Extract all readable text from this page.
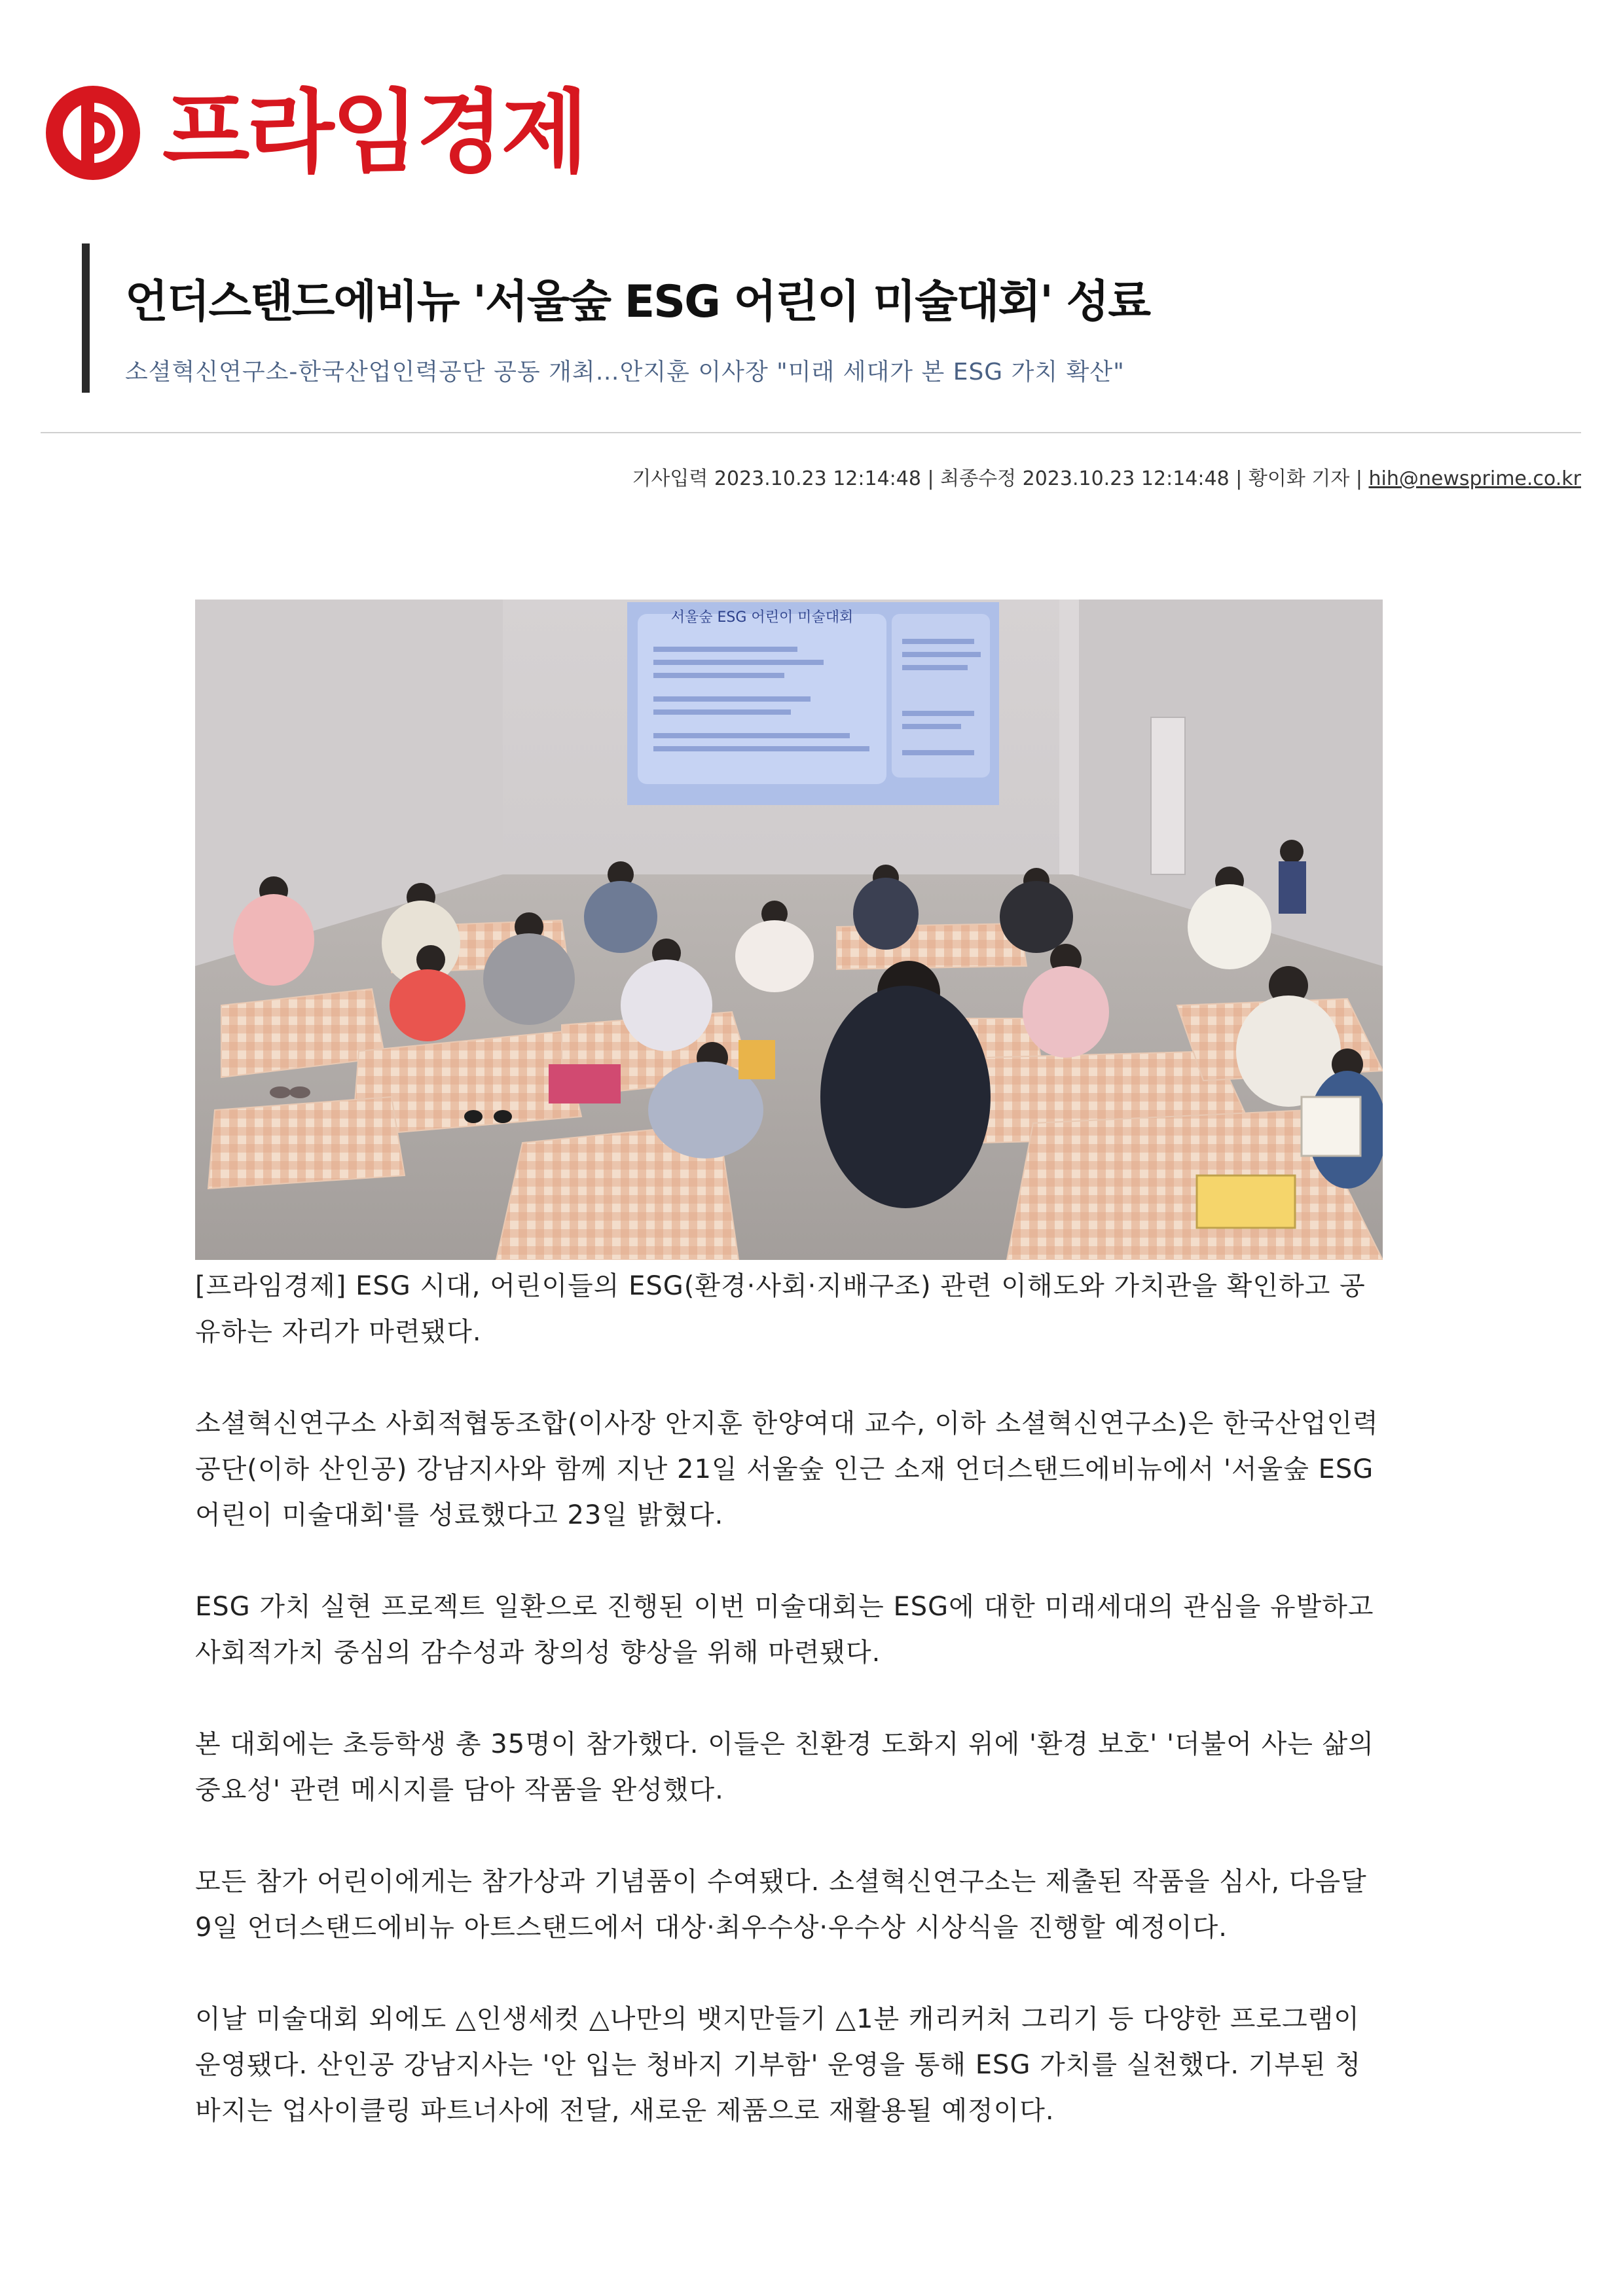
프라임경제
언더스탠드에비뉴 '서울숲 ESG 어린이 미술대회' 성료
소셜혁신연구소-한국산업인력공단 공동 개최…안지훈 이사장 "미래 세대가 본 ESG 가치 확산"
기사입력 2023.10.23 12:14:48 | 최종수정 2023.10.23 12:14:48 | 황이화 기자 | hih@newsprime.co.kr
서울숲 ESG 어린이 미술대회

[프라임경제] ESG 시대, 어린이들의 ESG(환경·사회·지배구조) 관련 이해도와 가치관을 확인하고 공유하는 자리가 마련됐다.

소셜혁신연구소 사회적협동조합(이사장 안지훈 한양여대 교수, 이하 소셜혁신연구소)은 한국산업인력공단(이하 산인공) 강남지사와 함께 지난 21일 서울숲 인근 소재 언더스탠드에비뉴에서 '서울숲 ESG 어린이 미술대회'를 성료했다고 23일 밝혔다.

ESG 가치 실현 프로젝트 일환으로 진행된 이번 미술대회는 ESG에 대한 미래세대의 관심을 유발하고 사회적가치 중심의 감수성과 창의성 향상을 위해 마련됐다.

본 대회에는 초등학생 총 35명이 참가했다. 이들은 친환경 도화지 위에 '환경 보호' '더불어 사는 삶의 중요성' 관련 메시지를 담아 작품을 완성했다.

모든 참가 어린이에게는 참가상과 기념품이 수여됐다. 소셜혁신연구소는 제출된 작품을 심사, 다음달 9일 언더스탠드에비뉴 아트스탠드에서 대상·최우수상·우수상 시상식을 진행할 예정이다.

이날 미술대회 외에도 △인생세컷 △나만의 뱃지만들기 △1분 캐리커처 그리기 등 다양한 프로그램이 운영됐다. 산인공 강남지사는 '안 입는 청바지 기부함' 운영을 통해 ESG 가치를 실천했다. 기부된 청바지는 업사이클링 파트너사에 전달, 새로운 제품으로 재활용될 예정이다.
